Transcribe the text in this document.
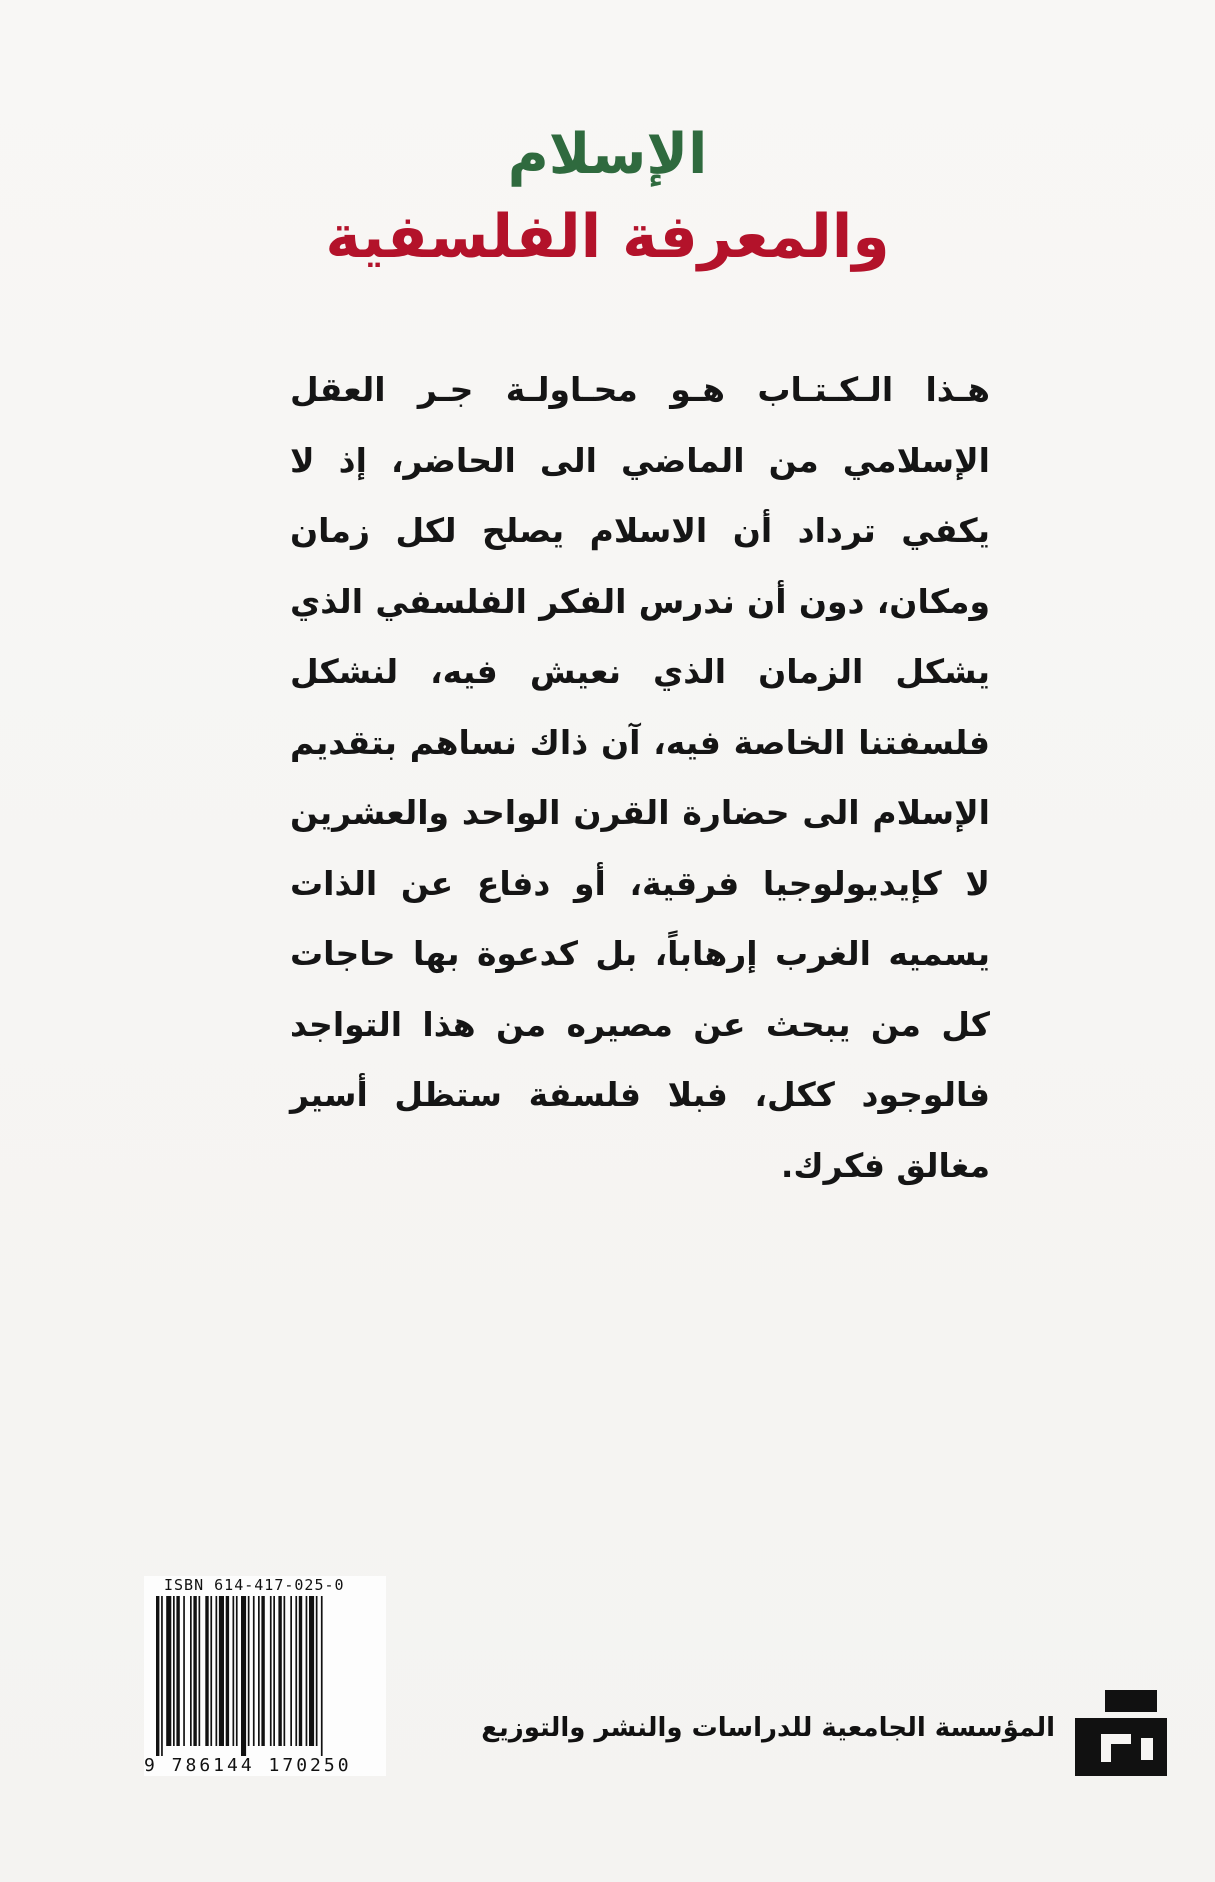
الإسلام
والمعرفة الفلسفية

هـذا الـكـتـاب هـو محـاولـة جـر العقل الإسلامي من الماضي الى الحاضر، إذ لا يكفي ترداد أن الاسلام يصلح لكل زمان ومكان، دون أن ندرس الفكر الفلسفي الذي يشكل الزمان الذي نعيش فيه، لنشكل فلسفتنا الخاصة فيه، آن ذاك نساهم بتقديم الإسلام الى حضارة القرن الواحد والعشرين لا كإيديولوجيا فرقية، أو دفاع عن الذات يسميه الغرب إرهاباً، بل كدعوة بها حاجات كل من يبحث عن مصيره من هذا التواجد فالوجود ككل، فبلا فلسفة ستظل أسير مغالق فكرك.

ISBN 614-417-025-0
9 786144 170250
المؤسسة الجامعية للدراسات والنشر والتوزيع
